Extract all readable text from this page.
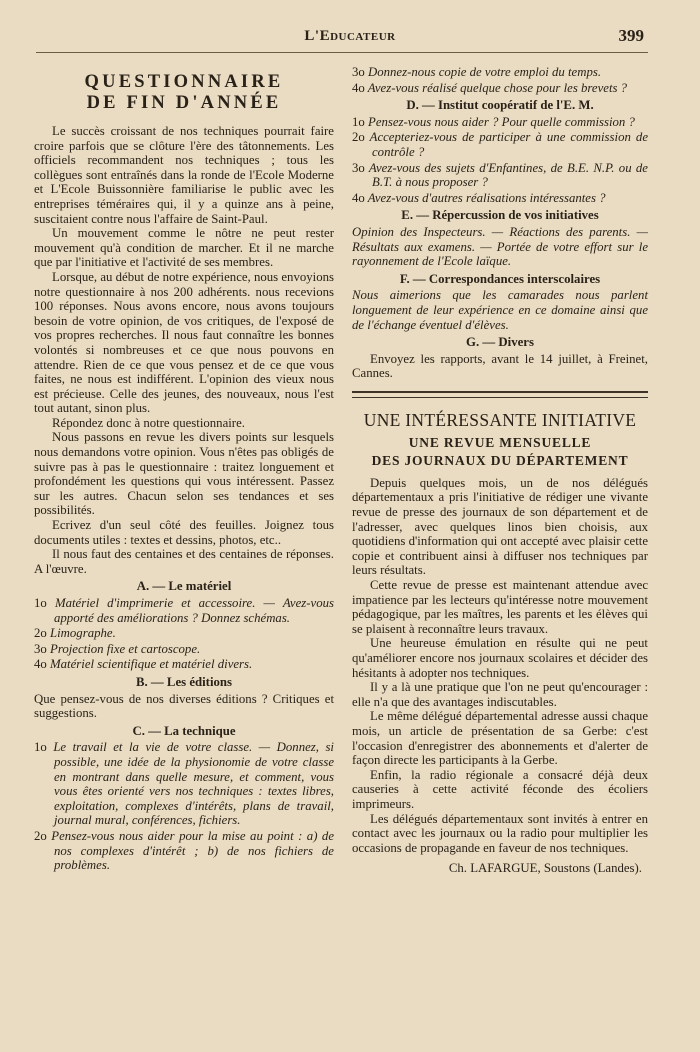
L'Educateur	399
QUESTIONNAIRE
DE FIN D'ANNÉE

Le succès croissant de nos techniques pourrait faire croire parfois que se clôture l'ère des tâtonnements. Les officiels recommandent nos techniques ; tous les collègues sont entraînés dans la ronde de l'Ecole Moderne et L'Ecole Buissonnière familiarise le public avec les entreprises téméraires qui, il y a quinze ans à peine, suscitaient contre nous l'affaire de Saint-Paul.

Un mouvement comme le nôtre ne peut rester mouvement qu'à condition de marcher. Et il ne marche que par l'initiative et l'activité de ses membres.

Lorsque, au début de notre expérience, nous envoyions notre questionnaire à nos 200 adhérents. nous recevions 100 réponses. Nous avons encore, nous avons toujours besoin de votre opinion, de vos critiques, de l'exposé de vos propres recherches. Il nous faut connaître les bonnes volontés si nombreuses et ce que nous pouvons en attendre. Rien de ce que vous pensez et de ce que vous faites, ne nous est indifférent. L'opinion des vieux nous est précieuse. Celle des jeunes, des nouveaux, nous l'est tout autant, sinon plus.

Répondez donc à notre questionnaire.

Nous passons en revue les divers points sur lesquels nous demandons votre opinion. Vous n'êtes pas obligés de suivre pas à pas le questionnaire : traitez longuement et profondément les questions qui vous intéressent. Passez sur les autres. Chacun selon ses tendances et ses possibilités.

Ecrivez d'un seul côté des feuilles. Joignez tous documents utiles : textes et dessins, photos, etc..

Il nous faut des centaines et des centaines de réponses. A l'œuvre.

A. — Le matériel

1o Matériel d'imprimerie et accessoire. — Avez-vous apporté des améliorations ? Donnez schémas.

2o Limographe.

3o Projection fixe et cartoscope.

4o Matériel scientifique et matériel divers.

B. — Les éditions

Que pensez-vous de nos diverses éditions ? Critiques et suggestions.

C. — La technique

1o Le travail et la vie de votre classe. — Donnez, si possible, une idée de la physionomie de votre classe en montrant dans quelle mesure, et comment, vous vous êtes orienté vers nos techniques : textes libres, exploitation, complexes d'intérêts, plans de travail, journal mural, conférences, fichiers.

2o Pensez-vous nous aider pour la mise au point : a) de nos complexes d'intérêt ; b) de nos fichiers de problèmes.

3o Donnez-nous copie de votre emploi du temps.

4o Avez-vous réalisé quelque chose pour les brevets ?

D. — Institut coopératif de l'E. M.

1o Pensez-vous nous aider ? Pour quelle commission ?

2o Accepteriez-vous de participer à une commission de contrôle ?

3o Avez-vous des sujets d'Enfantines, de B.E. N.P. ou de B.T. à nous proposer ?

4o Avez-vous d'autres réalisations intéressantes ?

E. — Répercussion de vos initiatives

Opinion des Inspecteurs. — Réactions des parents. — Résultats aux examens. — Portée de votre effort sur le rayonnement de l'Ecole laïque.

F. — Correspondances interscolaires

Nous aimerions que les camarades nous parlent longuement de leur expérience en ce domaine ainsi que de l'échange éventuel d'élèves.

G. — Divers

Envoyez les rapports, avant le 14 juillet, à Freinet, Cannes.

UNE INTÉRESSANTE INITIATIVE
UNE REVUE MENSUELLE
DES JOURNAUX DU DÉPARTEMENT

Depuis quelques mois, un de nos délégués départementaux a pris l'initiative de rédiger une vivante revue de presse des journaux de son département et de l'adresser, avec quelques linos bien choisis, aux quotidiens d'information qui ont accepté avec plaisir cette copie et contribuent ainsi à diffuser nos techniques par leurs résultats.

Cette revue de presse est maintenant attendue avec impatience par les lecteurs qu'intéresse notre mouvement pédagogique, par les maîtres, les parents et les élèves qui se plaisent à reconnaître leurs travaux.

Une heureuse émulation en résulte qui ne peut qu'améliorer encore nos journaux scolaires et décider des hésitants à adopter nos techniques.

Il y a là une pratique que l'on ne peut qu'encourager : elle n'a que des avantages indiscutables.

Le même délégué départemental adresse aussi chaque mois, un article de présentation de sa Gerbe: c'est l'occasion d'enregistrer des abonnements et d'alerter de façon directe les participants à la Gerbe.

Enfin, la radio régionale a consacré déjà deux causeries à cette activité féconde des écoliers imprimeurs.

Les délégués départementaux sont invités à entrer en contact avec les journaux ou la radio pour multiplier les occasions de propagande en faveur de nos techniques.

Ch. LAFARGUE, Soustons (Landes).
